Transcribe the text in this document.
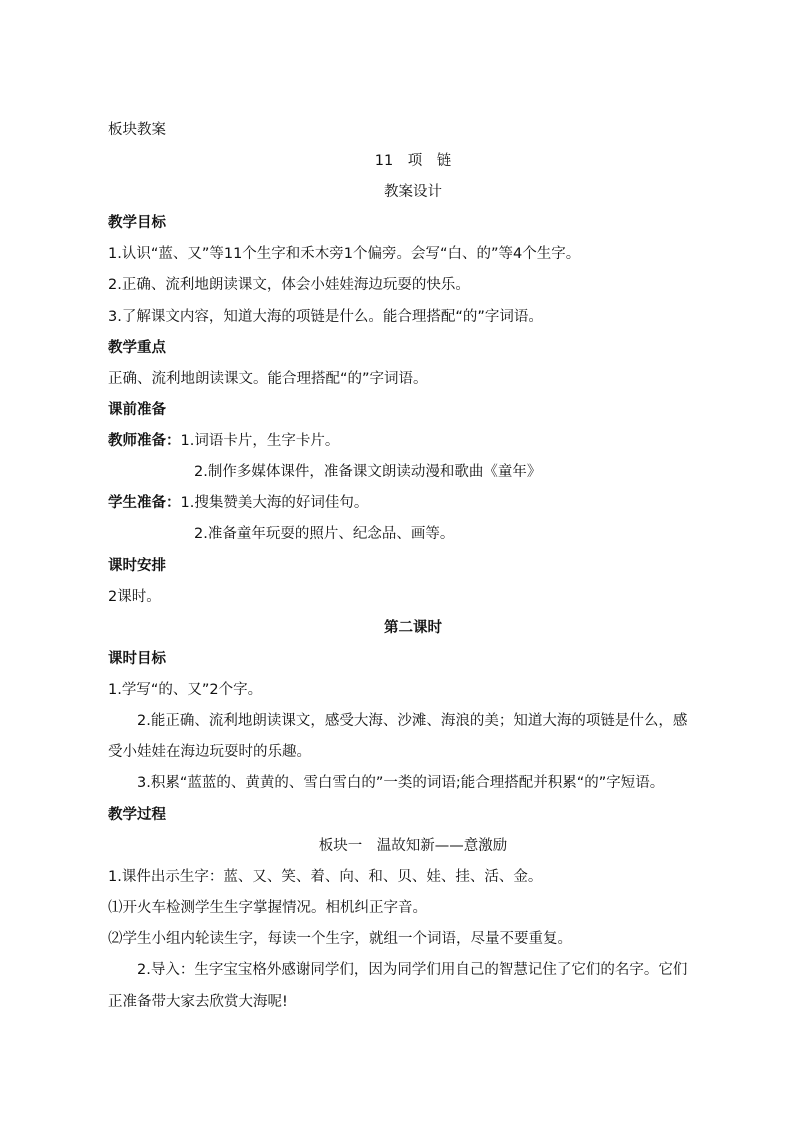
板块教案
11　项　链
教案设计
教学目标
1.认识“蓝、又”等11个生字和禾木旁1个偏旁。会写“白、的”等4个生字。
2.正确、流利地朗读课文，体会小娃娃海边玩耍的快乐。
3.了解课文内容，知道大海的项链是什么。能合理搭配“的”字词语。
教学重点
正确、流利地朗读课文。能合理搭配“的”字词语。
课前准备
教师准备：1.词语卡片，生字卡片。
2.制作多媒体课件，准备课文朗读动漫和歌曲《童年》
学生准备：1.搜集赞美大海的好词佳句。
2.准备童年玩耍的照片、纪念品、画等。
课时安排
2课时。
第二课时
课时目标
1.学写“的、又”2个字。
2.能正确、流利地朗读课文，感受大海、沙滩、海浪的美；知道大海的项链是什么，感
受小娃娃在海边玩耍时的乐趣。
3.积累“蓝蓝的、黄黄的、雪白雪白的”一类的词语;能合理搭配并积累“的”字短语。
教学过程
板块一　温故知新——意激励
1.课件出示生字：蓝、又、笑、着、向、和、贝、娃、挂、活、金。
⑴开火车检测学生生字掌握情况。相机纠正字音。
⑵学生小组内轮读生字，每读一个生字，就组一个词语，尽量不要重复。
2.导入：生字宝宝格外感谢同学们，因为同学们用自己的智慧记住了它们的名字。它们
正准备带大家去欣赏大海呢!
